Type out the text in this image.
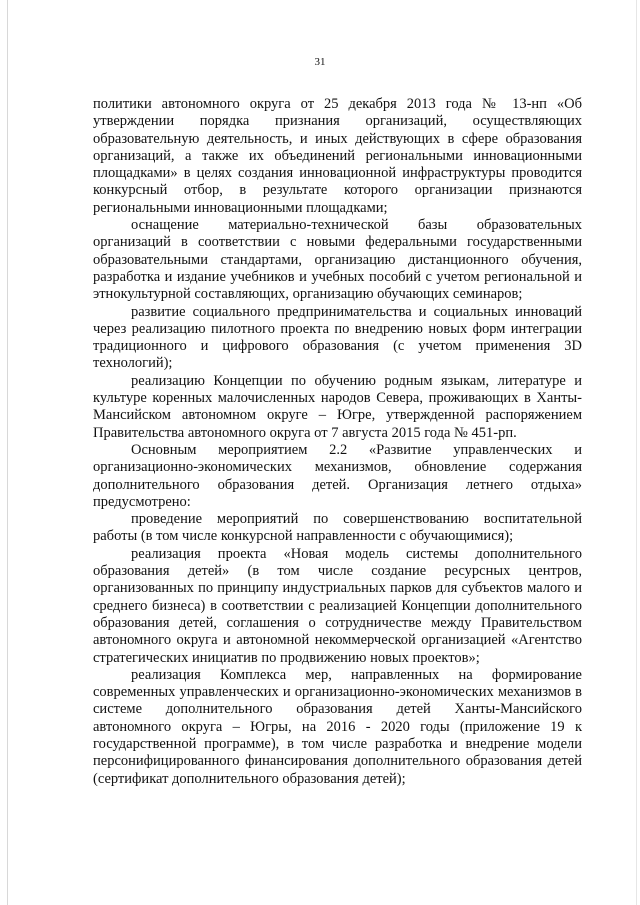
31

политики автономного округа от 25 декабря 2013 года № 13-нп «Об утверждении порядка признания организаций, осуществляющих образовательную деятельность, и иных действующих в сфере образования организаций, а также их объединений региональными инновационными площадками» в целях создания инновационной инфраструктуры проводится конкурсный отбор, в результате которого организации признаются региональными инновационными площадками;

оснащение материально-технической базы образовательных организаций в соответствии с новыми федеральными государственными образовательными стандартами, организацию дистанционного обучения, разработка и издание учебников и учебных пособий с учетом региональной и этнокультурной составляющих, организацию обучающих семинаров;

развитие социального предпринимательства и социальных инноваций через реализацию пилотного проекта по внедрению новых форм интеграции традиционного и цифрового образования (с учетом применения 3D технологий);

реализацию Концепции по обучению родным языкам, литературе и культуре коренных малочисленных народов Севера, проживающих в Ханты-Мансийском автономном округе – Югре, утвержденной распоряжением Правительства автономного округа от 7 августа 2015 года № 451-рп.

Основным мероприятием 2.2 «Развитие управленческих и организационно-экономических механизмов, обновление содержания дополнительного образования детей. Организация летнего отдыха» предусмотрено:

проведение мероприятий по совершенствованию воспитательной работы (в том числе конкурсной направленности с обучающимися);

реализация проекта «Новая модель системы дополнительного образования детей» (в том числе создание ресурсных центров, организованных по принципу индустриальных парков для субъектов малого и среднего бизнеса) в соответствии с реализацией Концепции дополнительного образования детей, соглашения о сотрудничестве между Правительством автономного округа и автономной некоммерческой организацией «Агентство стратегических инициатив по продвижению новых проектов»;

реализация Комплекса мер, направленных на формирование современных управленческих и организационно-экономических механизмов в системе дополнительного образования детей Ханты-Мансийского автономного округа – Югры, на 2016 - 2020 годы (приложение 19 к государственной программе), в том числе разработка и внедрение модели персонифицированного финансирования дополнительного образования детей (сертификат дополнительного образования детей);
